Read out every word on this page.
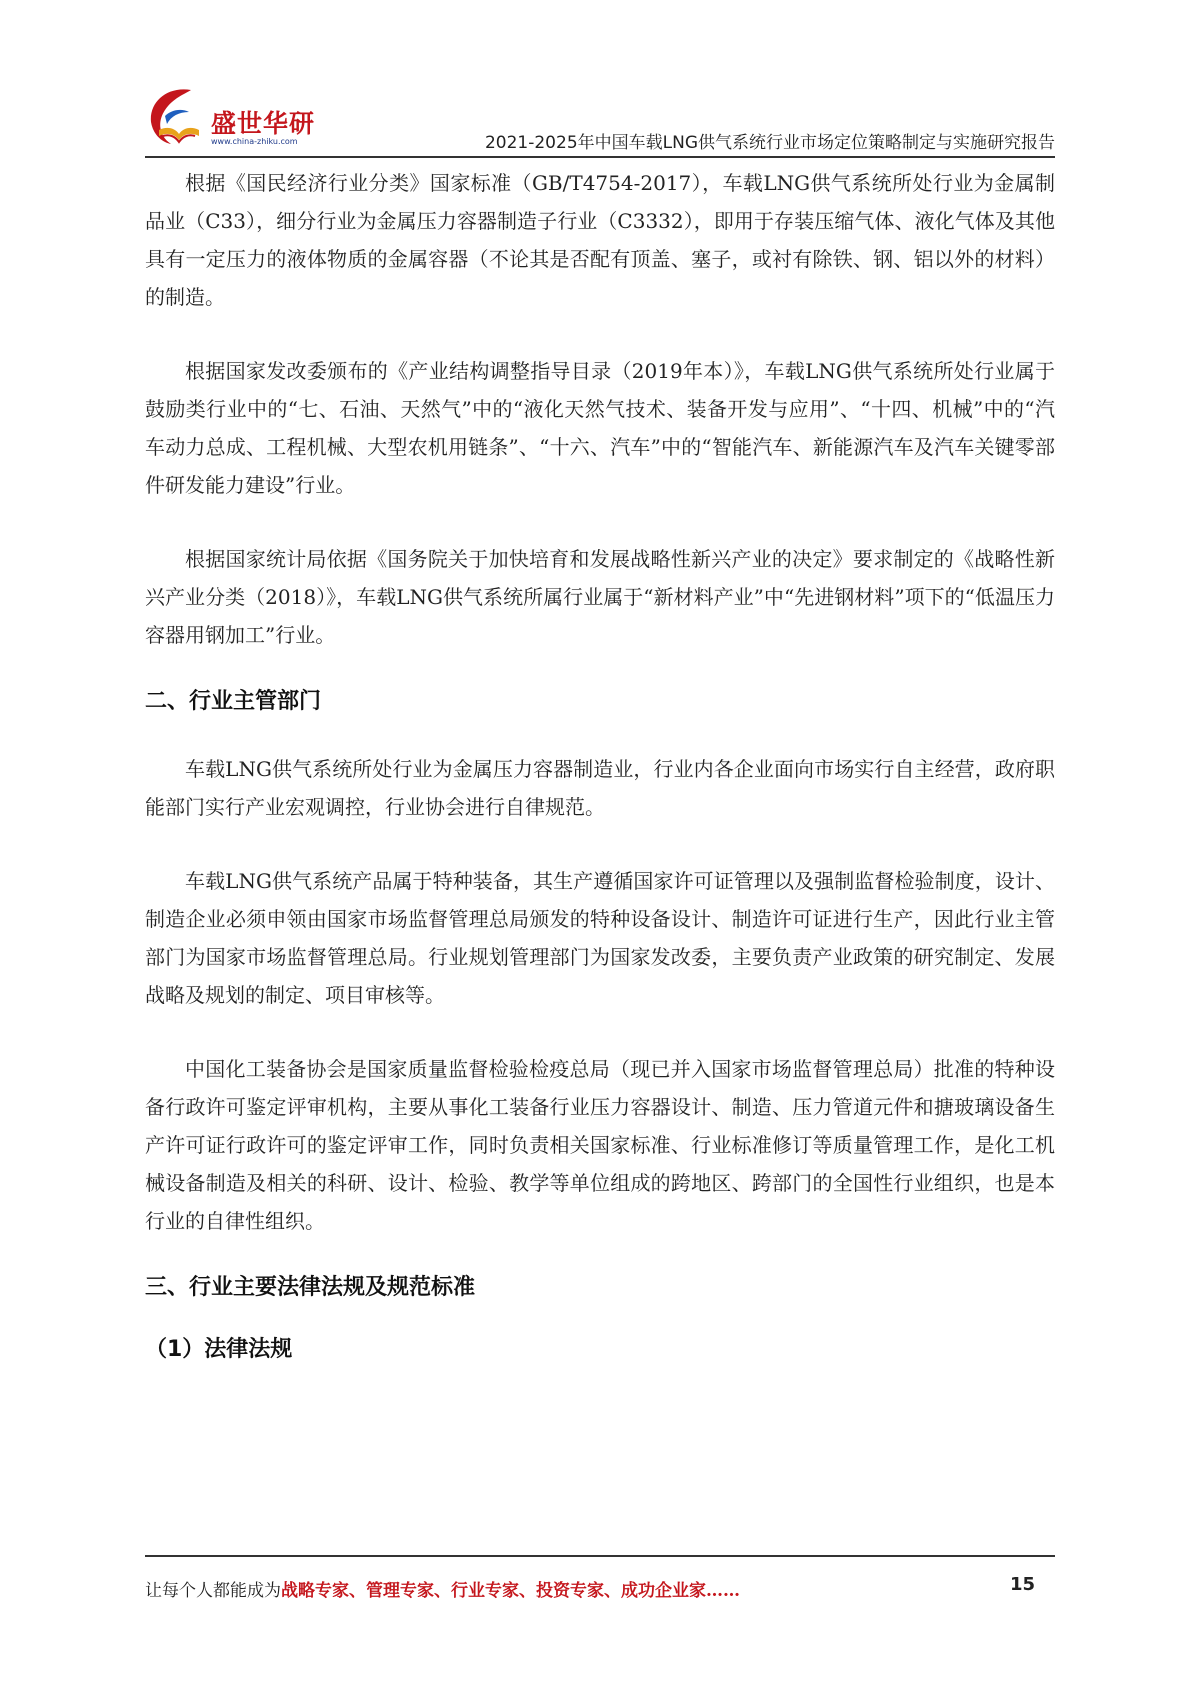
盛世华研
www.china-zhiku.com	2021-2025年中国车载LNG供气系统行业市场定位策略制定与实施研究报告

根据《国民经济行业分类》国家标准（GB/T4754-2017），车载LNG供气系统所处行业为金属制品业（C33），细分行业为金属压力容器制造子行业（C3332），即用于存装压缩气体、液化气体及其他具有一定压力的液体物质的金属容器（不论其是否配有顶盖、塞子，或衬有除铁、钢、铝以外的材料）的制造。

根据国家发改委颁布的《产业结构调整指导目录（2019年本）》，车载LNG供气系统所处行业属于鼓励类行业中的“七、石油、天然气”中的“液化天然气技术、装备开发与应用”、“十四、机械”中的“汽车动力总成、工程机械、大型农机用链条”、“十六、汽车”中的“智能汽车、新能源汽车及汽车关键零部件研发能力建设”行业。

根据国家统计局依据《国务院关于加快培育和发展战略性新兴产业的决定》要求制定的《战略性新兴产业分类（2018）》，车载LNG供气系统所属行业属于“新材料产业”中“先进钢材料”项下的“低温压力容器用钢加工”行业。

二、行业主管部门

车载LNG供气系统所处行业为金属压力容器制造业，行业内各企业面向市场实行自主经营，政府职能部门实行产业宏观调控，行业协会进行自律规范。

车载LNG供气系统产品属于特种装备，其生产遵循国家许可证管理以及强制监督检验制度，设计、制造企业必须申领由国家市场监督管理总局颁发的特种设备设计、制造许可证进行生产，因此行业主管部门为国家市场监督管理总局。行业规划管理部门为国家发改委，主要负责产业政策的研究制定、发展战略及规划的制定、项目审核等。

中国化工装备协会是国家质量监督检验检疫总局（现已并入国家市场监督管理总局）批准的特种设备行政许可鉴定评审机构，主要从事化工装备行业压力容器设计、制造、压力管道元件和搪玻璃设备生产许可证行政许可的鉴定评审工作，同时负责相关国家标准、行业标准修订等质量管理工作，是化工机械设备制造及相关的科研、设计、检验、教学等单位组成的跨地区、跨部门的全国性行业组织，也是本行业的自律性组织。

三、行业主要法律法规及规范标准
（1）法律法规
让每个人都能成为战略专家、管理专家、行业专家、投资专家、成功企业家……	15
